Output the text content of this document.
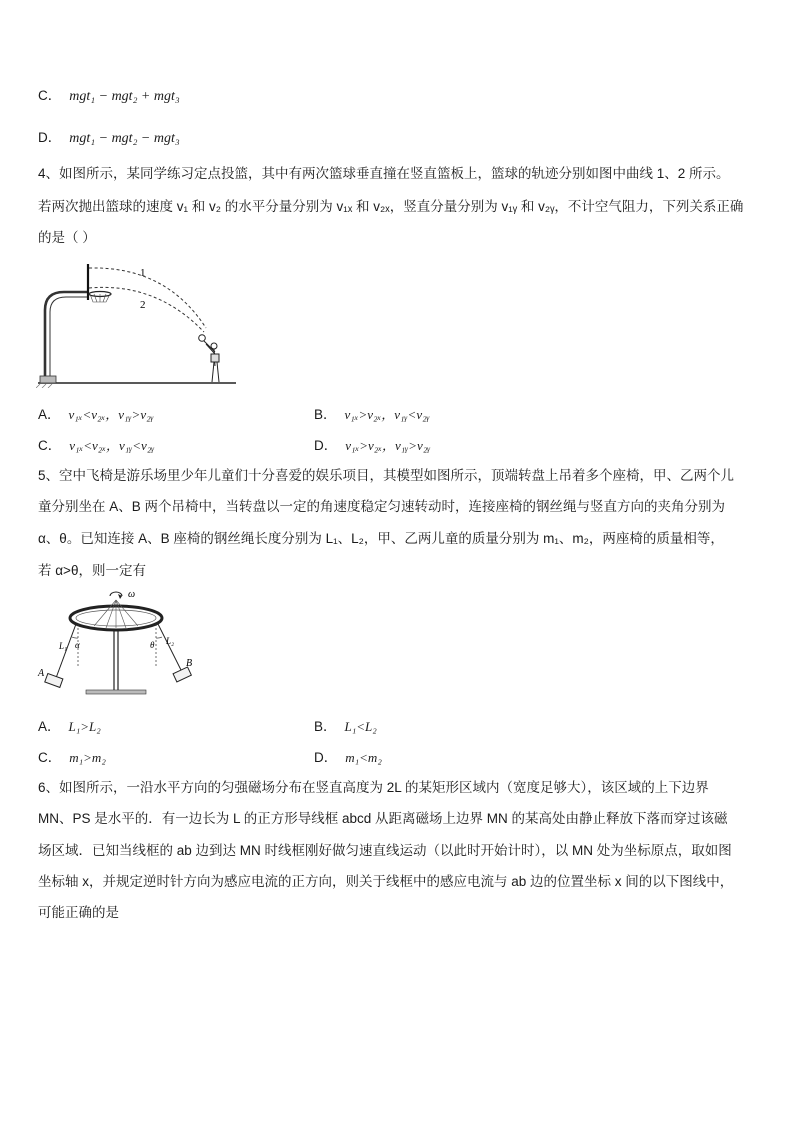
C． mgt₁ − mgt₂ + mgt₃
D． mgt₁ − mgt₂ − mgt₃
4、如图所示，某同学练习定点投篮，其中有两次篮球垂直撞在竖直篮板上，篮球的轨迹分别如图中曲线 1、2 所示。
若两次抛出篮球的速度 v₁ 和 v₂ 的水平分量分别为 v₁ₓ 和 v₂ₓ，竖直分量分别为 v₁ᵧ 和 v₂ᵧ，不计空气阻力，下列关系正确
的是（ ）
1
2
A． v₁ₓ<v₂ₓ，v₁ᵧ>v₂ᵧ	B． v₁ₓ>v₂ₓ，v₁ᵧ<v₂ᵧ
C． v₁ₓ<v₂ₓ，v₁ᵧ<v₂ᵧ	D． v₁ₓ>v₂ₓ，v₁ᵧ>v₂ᵧ
5、空中飞椅是游乐场里少年儿童们十分喜爱的娱乐项目，其模型如图所示，顶端转盘上吊着多个座椅，甲、乙两个儿
童分别坐在 A、B 两个吊椅中，当转盘以一定的角速度稳定匀速转动时，连接座椅的钢丝绳与竖直方向的夹角分别为
α、θ。已知连接 A、B 座椅的钢丝绳长度分别为 L₁、L₂，甲、乙两儿童的质量分别为 m₁、m₂，两座椅的质量相等，
若 α>θ，则一定有
ω
α	θ
L₁	L₂
A
B
A． L₁>L₂	B． L₁<L₂
C． m₁>m₂	D． m₁<m₂
6、如图所示，一沿水平方向的匀强磁场分布在竖直高度为 2L 的某矩形区域内（宽度足够大），该区域的上下边界
MN、PS 是水平的．有一边长为 L 的正方形导线框 abcd 从距离磁场上边界 MN 的某高处由静止释放下落而穿过该磁
场区域．已知当线框的 ab 边到达 MN 时线框刚好做匀速直线运动（以此时开始计时），以 MN 处为坐标原点，取如图
坐标轴 x，并规定逆时针方向为感应电流的正方向，则关于线框中的感应电流与 ab 边的位置坐标 x 间的以下图线中，
可能正确的是
